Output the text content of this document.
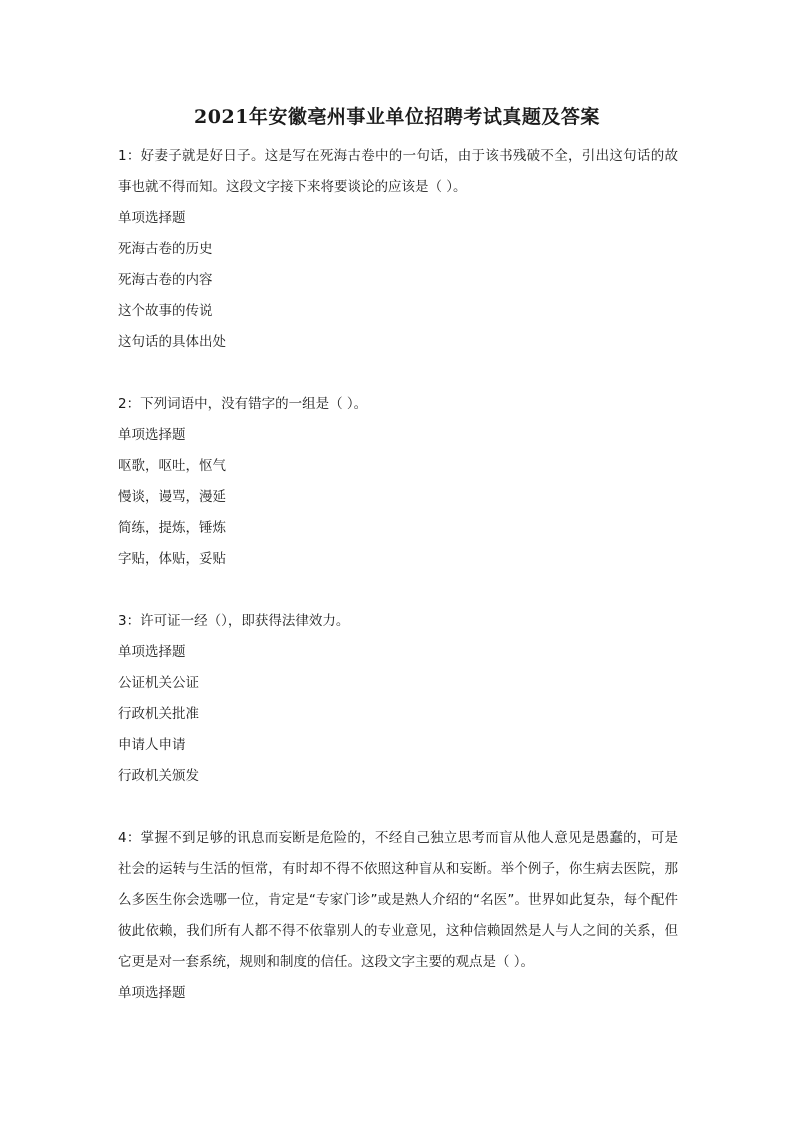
2021年安徽亳州事业单位招聘考试真题及答案
1：好妻子就是好日子。这是写在死海古卷中的一句话，由于该书残破不全，引出这句话的故事也就不得而知。这段文字接下来将要谈论的应该是（ ）。
单项选择题
死海古卷的历史
死海古卷的内容
这个故事的传说
这句话的具体出处
2：下列词语中，没有错字的一组是（ ）。
单项选择题
呕歌，呕吐，怄气
慢谈，谩骂，漫延
简练，提炼，锤炼
字贴，体贴，妥贴
3：许可证一经（），即获得法律效力。
单项选择题
公证机关公证
行政机关批准
申请人申请
行政机关颁发
4：掌握不到足够的讯息而妄断是危险的，不经自己独立思考而盲从他人意见是愚蠢的，可是社会的运转与生活的恒常，有时却不得不依照这种盲从和妄断。举个例子，你生病去医院，那么多医生你会选哪一位，肯定是“专家门诊”或是熟人介绍的“名医”。世界如此复杂，每个配件彼此依赖，我们所有人都不得不依靠别人的专业意见，这种信赖固然是人与人之间的关系，但它更是对一套系统，规则和制度的信任。这段文字主要的观点是（ ）。
单项选择题
